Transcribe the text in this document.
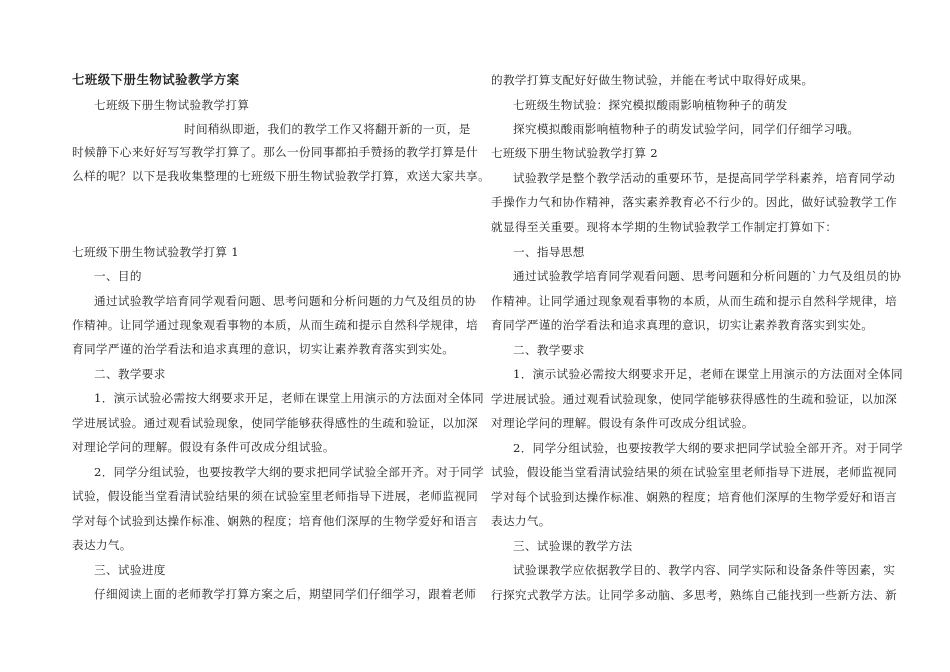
七班级下册生物试验教学方案
七班级下册生物试验教学打算
时间稍纵即逝，我们的教学工作又将翻开新的一页，是
时候静下心来好好写写教学打算了。那么一份同事都拍手赞扬的教学打算是什
么样的呢？以下是我收集整理的七班级下册生物试验教学打算，欢送大家共享。
七班级下册生物试验教学打算 1
一、目的
通过试验教学培育同学观看问题、思考问题和分析问题的力气及组员的协
作精神。让同学通过现象观看事物的本质，从而生疏和提示自然科学规律，培
育同学严谨的治学看法和追求真理的意识，切实让素养教育落实到实处。
二、教学要求
1．演示试验必需按大纲要求开足，老师在课堂上用演示的方法面对全体同
学进展试验。通过观看试验现象，使同学能够获得感性的生疏和验证，以加深
对理论学问的理解。假设有条件可改成分组试验。
2．同学分组试验，也要按教学大纲的要求把同学试验全部开齐。对于同学
试验，假设能当堂看清试验结果的须在试验室里老师指导下进展，老师监视同
学对每个试验到达操作标准、娴熟的程度；培育他们深厚的生物学爱好和语言
表达力气。
三、试验进度
仔细阅读上面的老师教学打算方案之后，期望同学们仔细学习，跟着老师
的教学打算支配好好做生物试验，并能在考试中取得好成果。
七班级生物试验：探究模拟酸雨影响植物种子的萌发
探究模拟酸雨影响植物种子的萌发试验学问，同学们仔细学习哦。
七班级下册生物试验教学打算 2
试验教学是整个教学活动的重要环节，是提高同学学科素养，培育同学动
手操作力气和协作精神，落实素养教育必不行少的。因此，做好试验教学工作
就显得至关重要。现将本学期的生物试验教学工作制定打算如下：
一、指导思想
通过试验教学培育同学观看问题、思考问题和分析问题的`力气及组员的协
作精神。让同学通过现象观看事物的本质，从而生疏和提示自然科学规律，培
育同学严谨的治学看法和追求真理的意识，切实让素养教育落实到实处。
二、教学要求
1．演示试验必需按大纲要求开足，老师在课堂上用演示的方法面对全体同
学进展试验。通过观看试验现象，使同学能够获得感性的生疏和验证，以加深
对理论学问的理解。假设有条件可改成分组试验。
2．同学分组试验，也要按教学大纲的要求把同学试验全部开齐。对于同学
试验，假设能当堂看清试验结果的须在试验室里老师指导下进展，老师监视同
学对每个试验到达操作标准、娴熟的程度；培育他们深厚的生物学爱好和语言
表达力气。
三、试验课的教学方法
试验课教学应依据教学目的、教学内容、同学实际和设备条件等因素，实
行探究式教学方法。让同学多动脑、多思考，熟练自己能找到一些新方法、新
